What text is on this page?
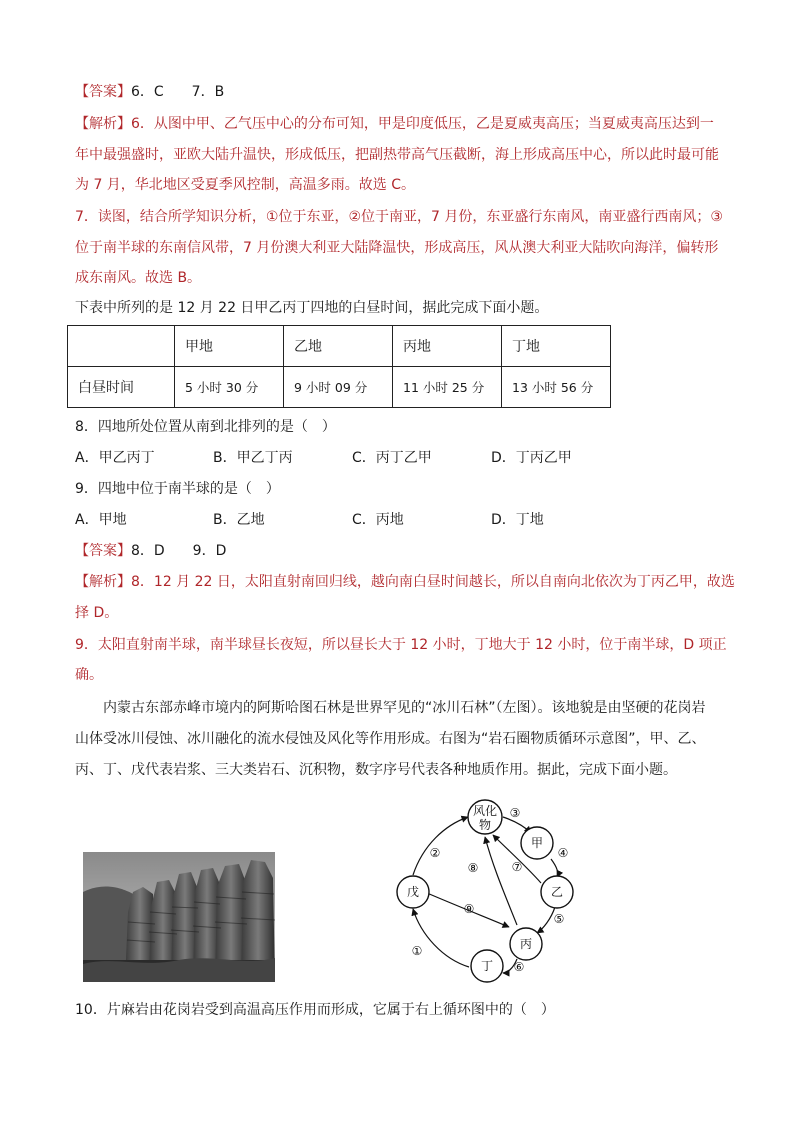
【答案】6．C　　7．B
【解析】6．从图中甲、乙气压中心的分布可知，甲是印度低压，乙是夏威夷高压；当夏威夷高压达到一
年中最强盛时，亚欧大陆升温快，形成低压，把副热带高气压截断，海上形成高压中心，所以此时最可能
为 7 月，华北地区受夏季风控制，高温多雨。故选 C。
7．读图，结合所学知识分析，①位于东亚，②位于南亚，7 月份，东亚盛行东南风，南亚盛行西南风；③
位于南半球的东南信风带，7 月份澳大利亚大陆降温快，形成高压，风从澳大利亚大陆吹向海洋，偏转形
成东南风。故选 B。
下表中所列的是 12 月 22 日甲乙丙丁四地的白昼时间，据此完成下面小题。
	甲地	乙地	丙地	丁地
白昼时间	5 小时 30 分	9 小时 09 分	11 小时 25 分	13 小时 56 分
8．四地所处位置从南到北排列的是（　）
A．甲乙丙丁	B．甲乙丁丙	C．丙丁乙甲	D．丁丙乙甲
9．四地中位于南半球的是（　）
A．甲地	B．乙地	C．丙地	D．丁地
【答案】8．D　　9．D
【解析】8．12 月 22 日，太阳直射南回归线，越向南白昼时间越长，所以自南向北依次为丁丙乙甲，故选
择 D。
9．太阳直射南半球，南半球昼长夜短，所以昼长大于 12 小时，丁地大于 12 小时，位于南半球，D 项正
确。
内蒙古东部赤峰市境内的阿斯哈图石林是世界罕见的“冰川石林”（左图）。该地貌是由坚硬的花岗岩
山体受冰川侵蚀、冰川融化的流水侵蚀及风化等作用形成。右图为“岩石圈物质循环示意图”，甲、乙、
丙、丁、戊代表岩浆、三大类岩石、沉积物，数字序号代表各种地质作用。据此，完成下面小题。
风化
物
甲
乙
丙
丁
戊
③
④
⑤
⑥
①
②
⑦
⑧
⑨
10．片麻岩由花岗岩受到高温高压作用而形成，它属于右上循环图中的（　）
